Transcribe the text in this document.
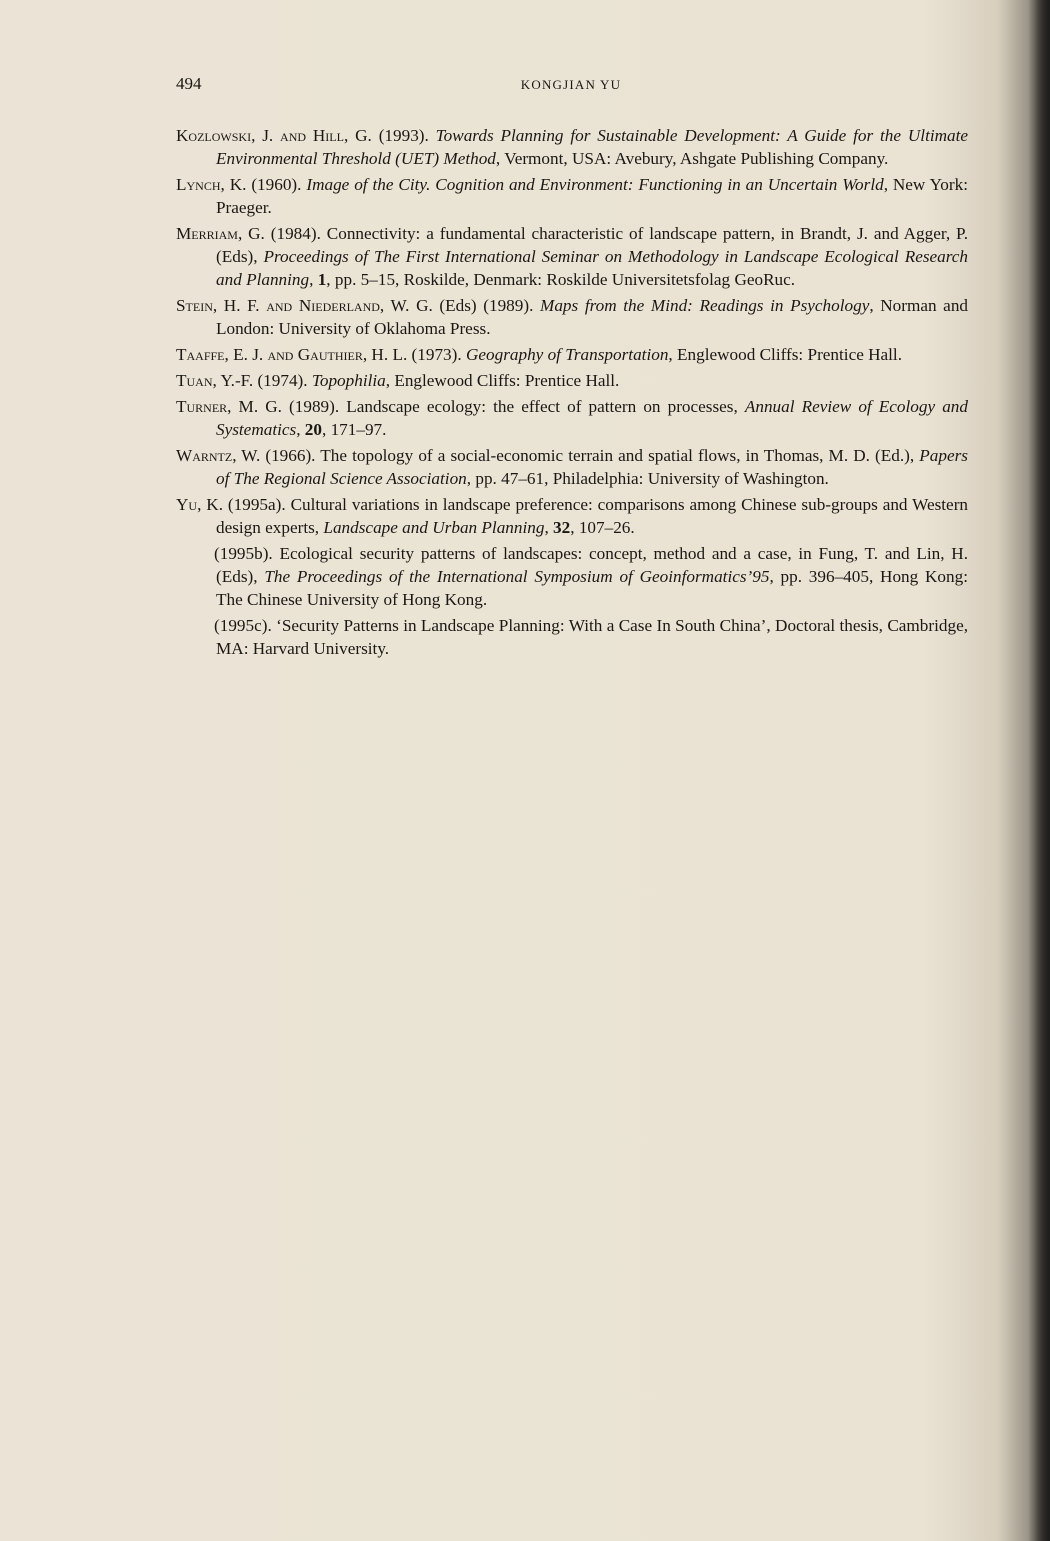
494	KONGJIAN YU

Kozlowski, J. and Hill, G. (1993). Towards Planning for Sustainable Development: A Guide for the Ultimate Environmental Threshold (UET) Method, Vermont, USA: Avebury, Ashgate Publishing Company.

Lynch, K. (1960). Image of the City. Cognition and Environment: Functioning in an Uncertain World, New York: Praeger.

Merriam, G. (1984). Connectivity: a fundamental characteristic of landscape pattern, in Brandt, J. and Agger, P. (Eds), Proceedings of The First International Seminar on Methodology in Landscape Ecological Research and Planning, 1, pp. 5–15, Roskilde, Denmark: Roskilde Universitetsfolag GeoRuc.

Stein, H. F. and Niederland, W. G. (Eds) (1989). Maps from the Mind: Readings in Psychology, Norman and London: University of Oklahoma Press.

Taaffe, E. J. and Gauthier, H. L. (1973). Geography of Transportation, Englewood Cliffs: Prentice Hall.

Tuan, Y.-F. (1974). Topophilia, Englewood Cliffs: Prentice Hall.

Turner, M. G. (1989). Landscape ecology: the effect of pattern on processes, Annual Review of Ecology and Systematics, 20, 171–97.

Warntz, W. (1966). The topology of a social-economic terrain and spatial flows, in Thomas, M. D. (Ed.), Papers of The Regional Science Association, pp. 47–61, Philadelphia: University of Washington.

Yu, K. (1995a). Cultural variations in landscape preference: comparisons among Chinese sub-groups and Western design experts, Landscape and Urban Planning, 32, 107–26.

(1995b). Ecological security patterns of landscapes: concept, method and a case, in Fung, T. and Lin, H. (Eds), The Proceedings of the International Symposium of Geoinformatics’95, pp. 396–405, Hong Kong: The Chinese University of Hong Kong.

(1995c). ‘Security Patterns in Landscape Planning: With a Case In South China’, Doctoral thesis, Cambridge, MA: Harvard University.
